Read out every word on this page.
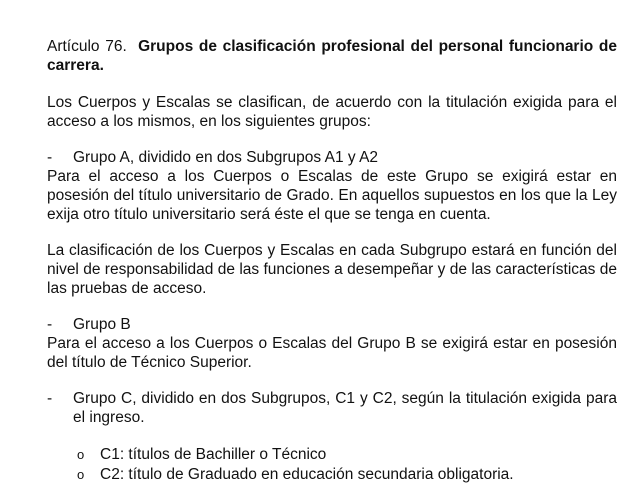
Artículo 76. Grupos de clasificación profesional del personal funcionario de carrera.

Los Cuerpos y Escalas se clasifican, de acuerdo con la titulación exigida para el acceso a los mismos, en los siguientes grupos:

-	Grupo A, dividido en dos Subgrupos A1 y A2

Para el acceso a los Cuerpos o Escalas de este Grupo se exigirá estar en posesión del título universitario de Grado. En aquellos supuestos en los que la Ley exija otro título universitario será éste el que se tenga en cuenta.

La clasificación de los Cuerpos y Escalas en cada Subgrupo estará en función del nivel de responsabilidad de las funciones a desempeñar y de las características de las pruebas de acceso.

-	Grupo B

Para el acceso a los Cuerpos o Escalas del Grupo B se exigirá estar en posesión del título de Técnico Superior.

-	Grupo C, dividido en dos Subgrupos, C1 y C2, según la titulación exigida para el ingreso.
o	C1: títulos de Bachiller o Técnico
o	C2: título de Graduado en educación secundaria obligatoria.
